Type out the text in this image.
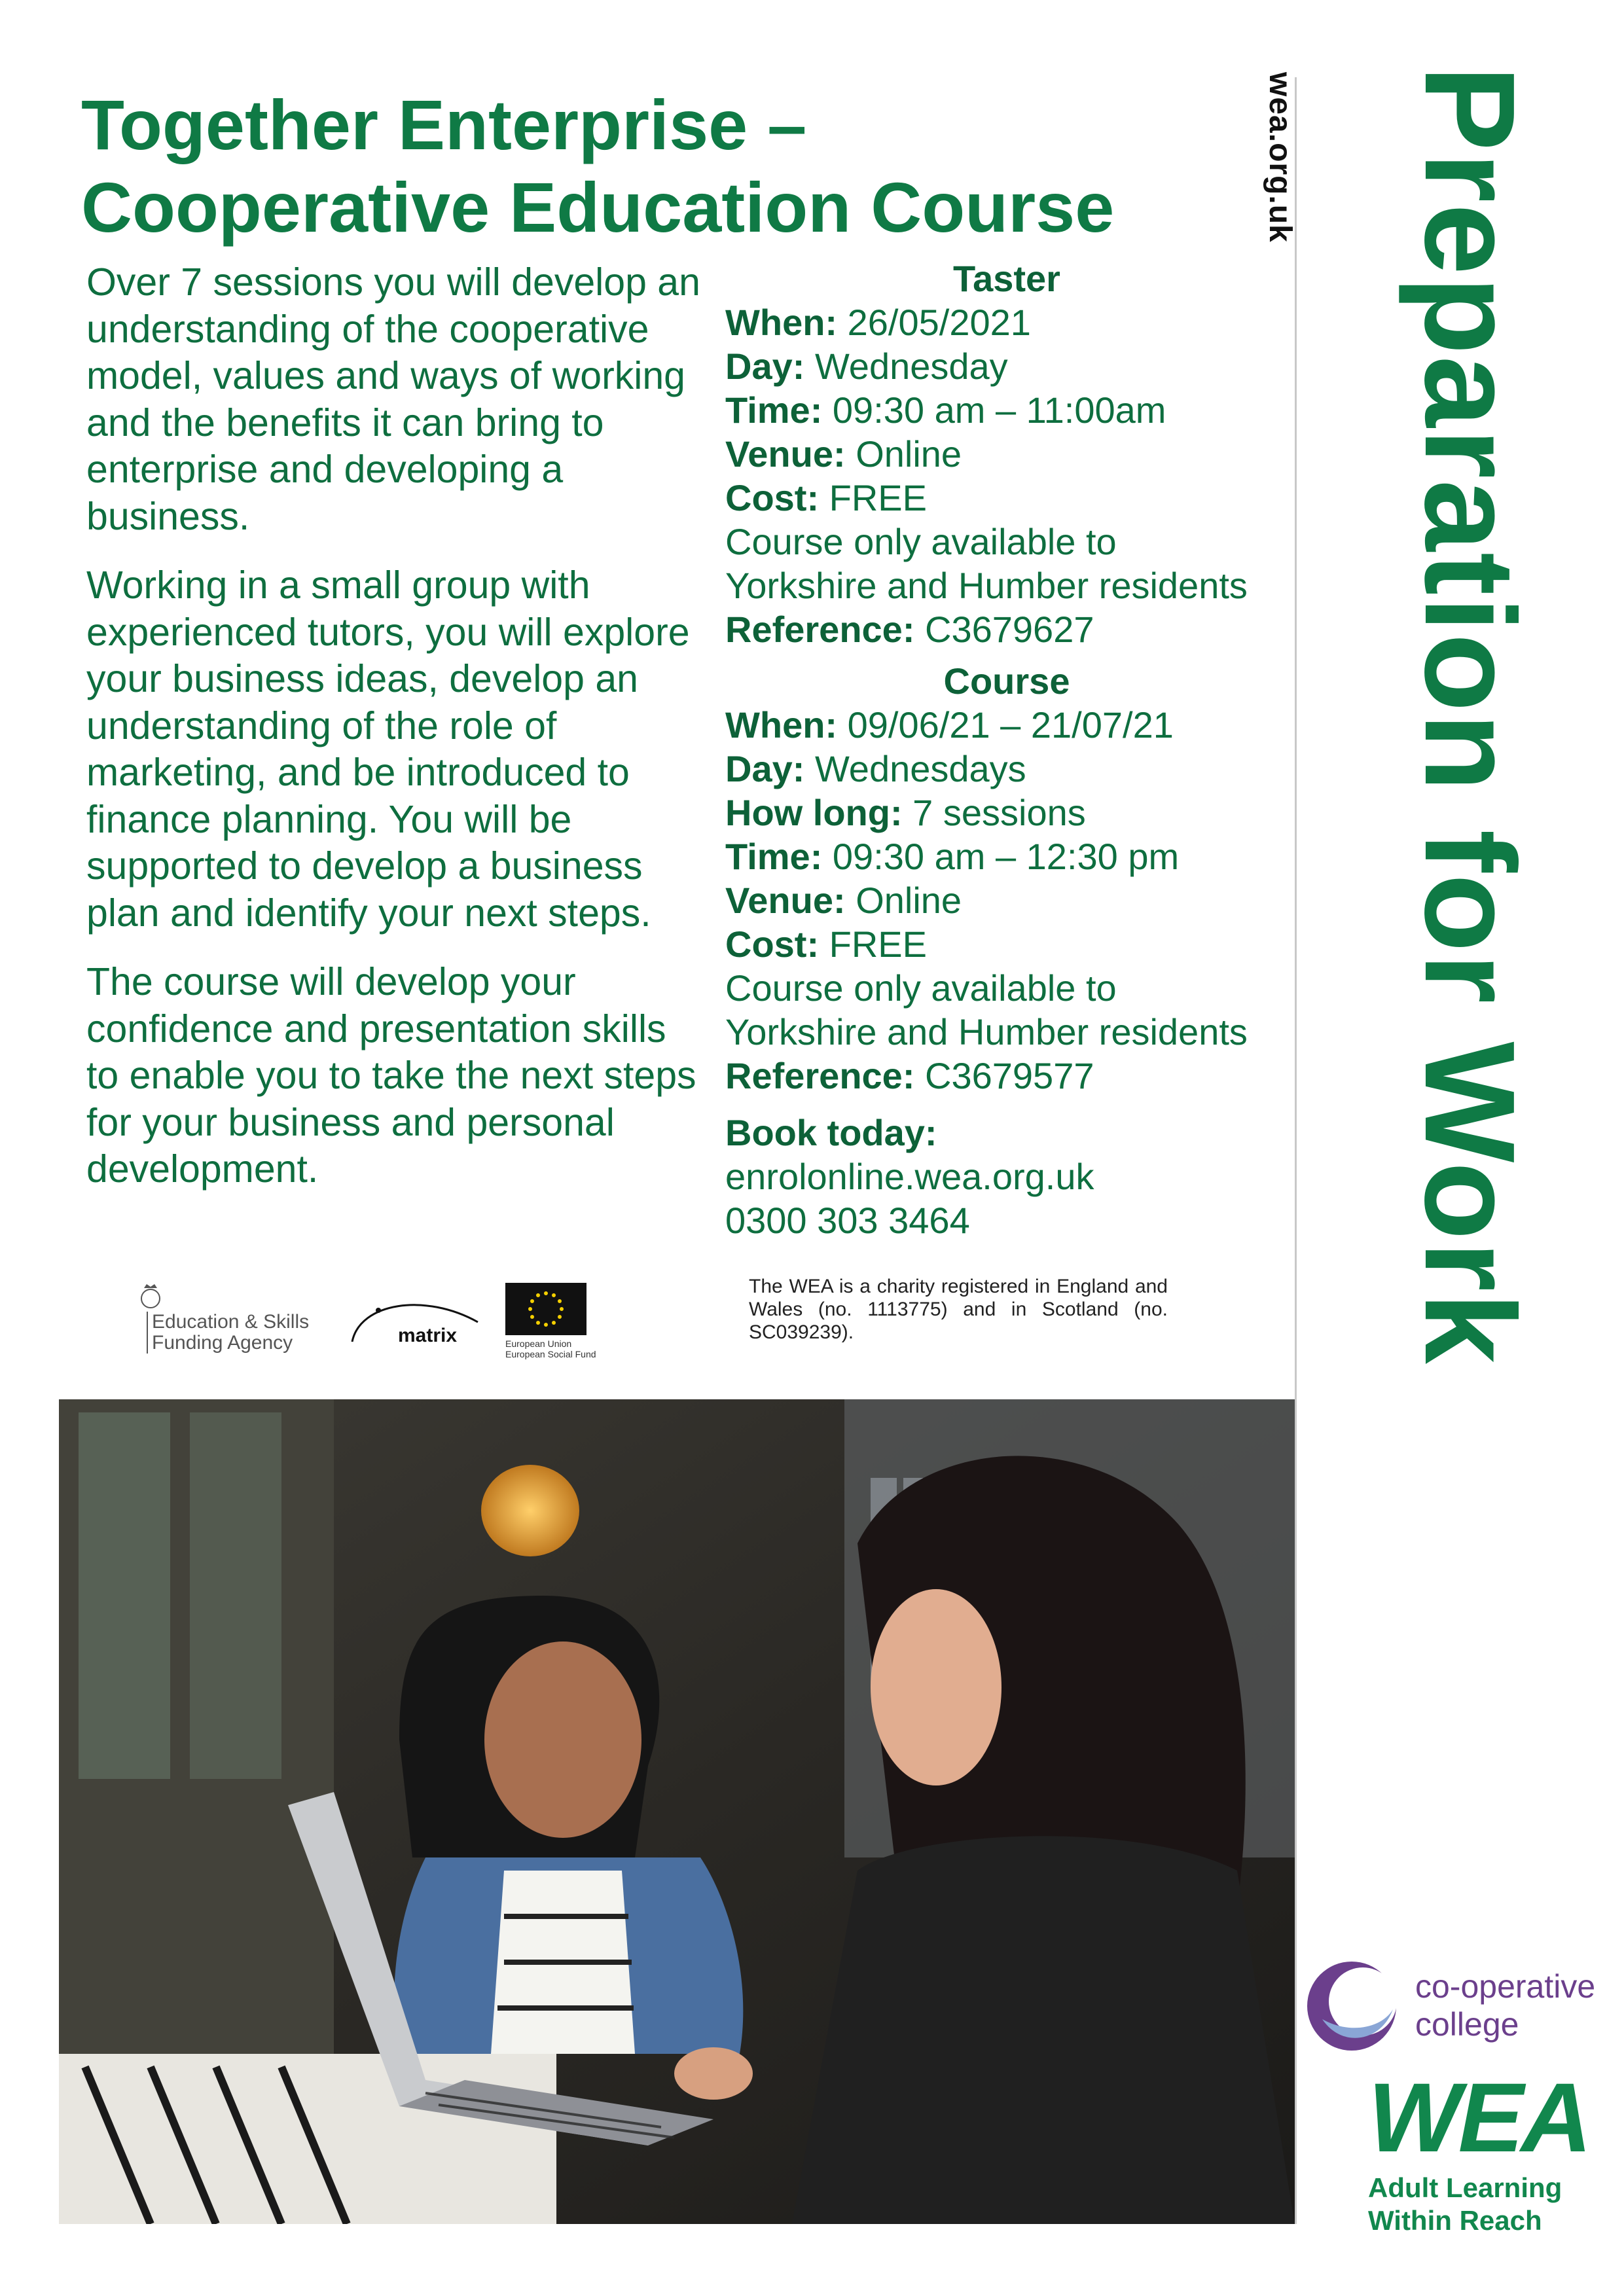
Together Enterprise –
Cooperative Education Course

Over 7 sessions you will develop an understanding of the cooperative model, values and ways of working and the benefits it can bring to enterprise and developing a business.

Working in a small group with experienced tutors, you will explore your business ideas, develop an understanding of the role of marketing, and be introduced to finance planning. You will be supported to develop a business plan and identify your next steps.

The course will develop your confidence and presentation skills to enable you to take the next steps for your business and personal development.

Taster
When: 26/05/2021
Day: Wednesday
Time: 09:30 am – 11:00am
Venue: Online
Cost: FREE
Course only available to
Yorkshire and Humber residents
Reference: C3679627
Course
When: 09/06/21 – 21/07/21
Day: Wednesdays
How long: 7 sessions
Time: 09:30 am – 12:30 pm
Venue: Online
Cost: FREE
Course only available to
Yorkshire and Humber residents
Reference: C3679577
Book today:
enrolonline.wea.org.uk
0300 303 3464
The WEA is a charity registered in England and Wales (no. 1113775) and in Scotland (no. SC039239).
Education & Skills
Funding Agency	matrix	European Union
European Social Fund
wea.org.uk Preparation for Work
co-operative
college
WEA
Adult Learning
Within Reach
